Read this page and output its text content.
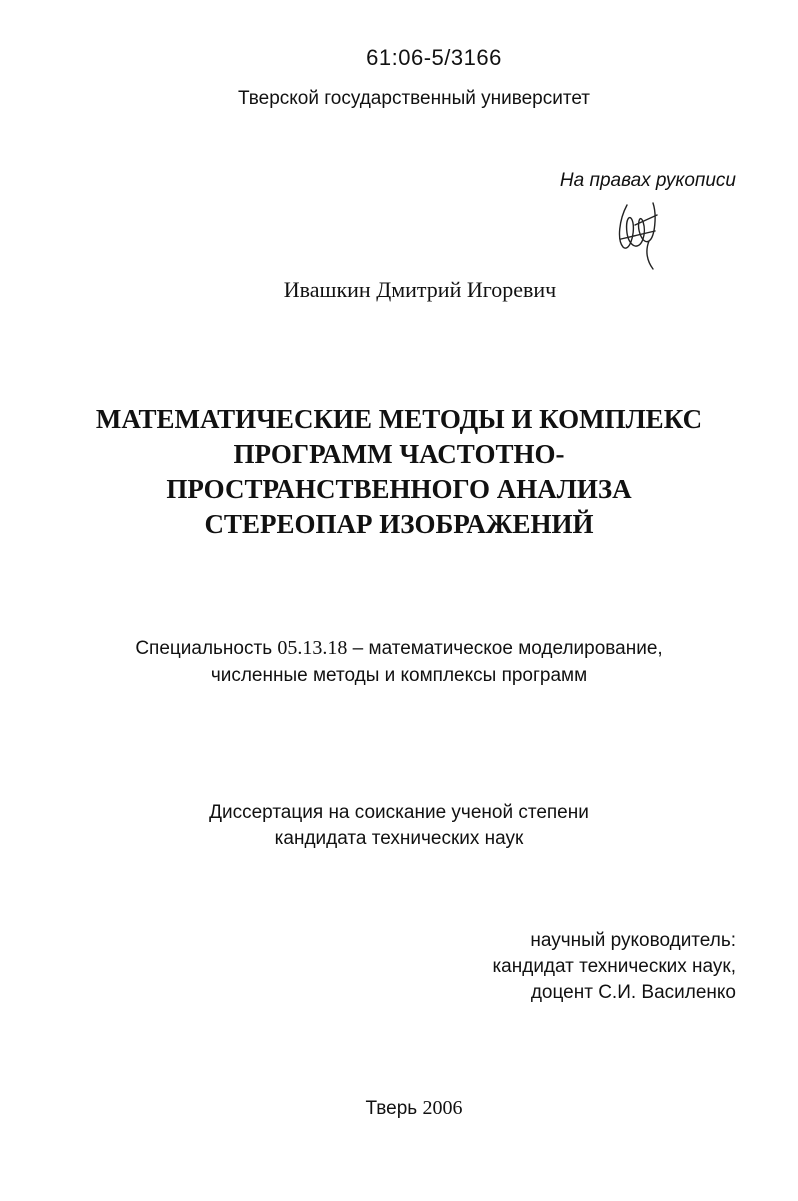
61:06-5/3166
Тверской государственный университет
На правах рукописи
Ивашкин Дмитрий Игоревич
МАТЕМАТИЧЕСКИЕ МЕТОДЫ И КОМПЛЕКС
ПРОГРАММ ЧАСТОТНО-
ПРОСТРАНСТВЕННОГО АНАЛИЗА
СТЕРЕОПАР ИЗОБРАЖЕНИЙ
Специальность 05.13.18 – математическое моделирование,
численные методы и комплексы программ
Диссертация на соискание ученой степени
кандидата технических наук
научный руководитель:
кандидат технических наук,
доцент С.И. Василенко
Тверь 2006
